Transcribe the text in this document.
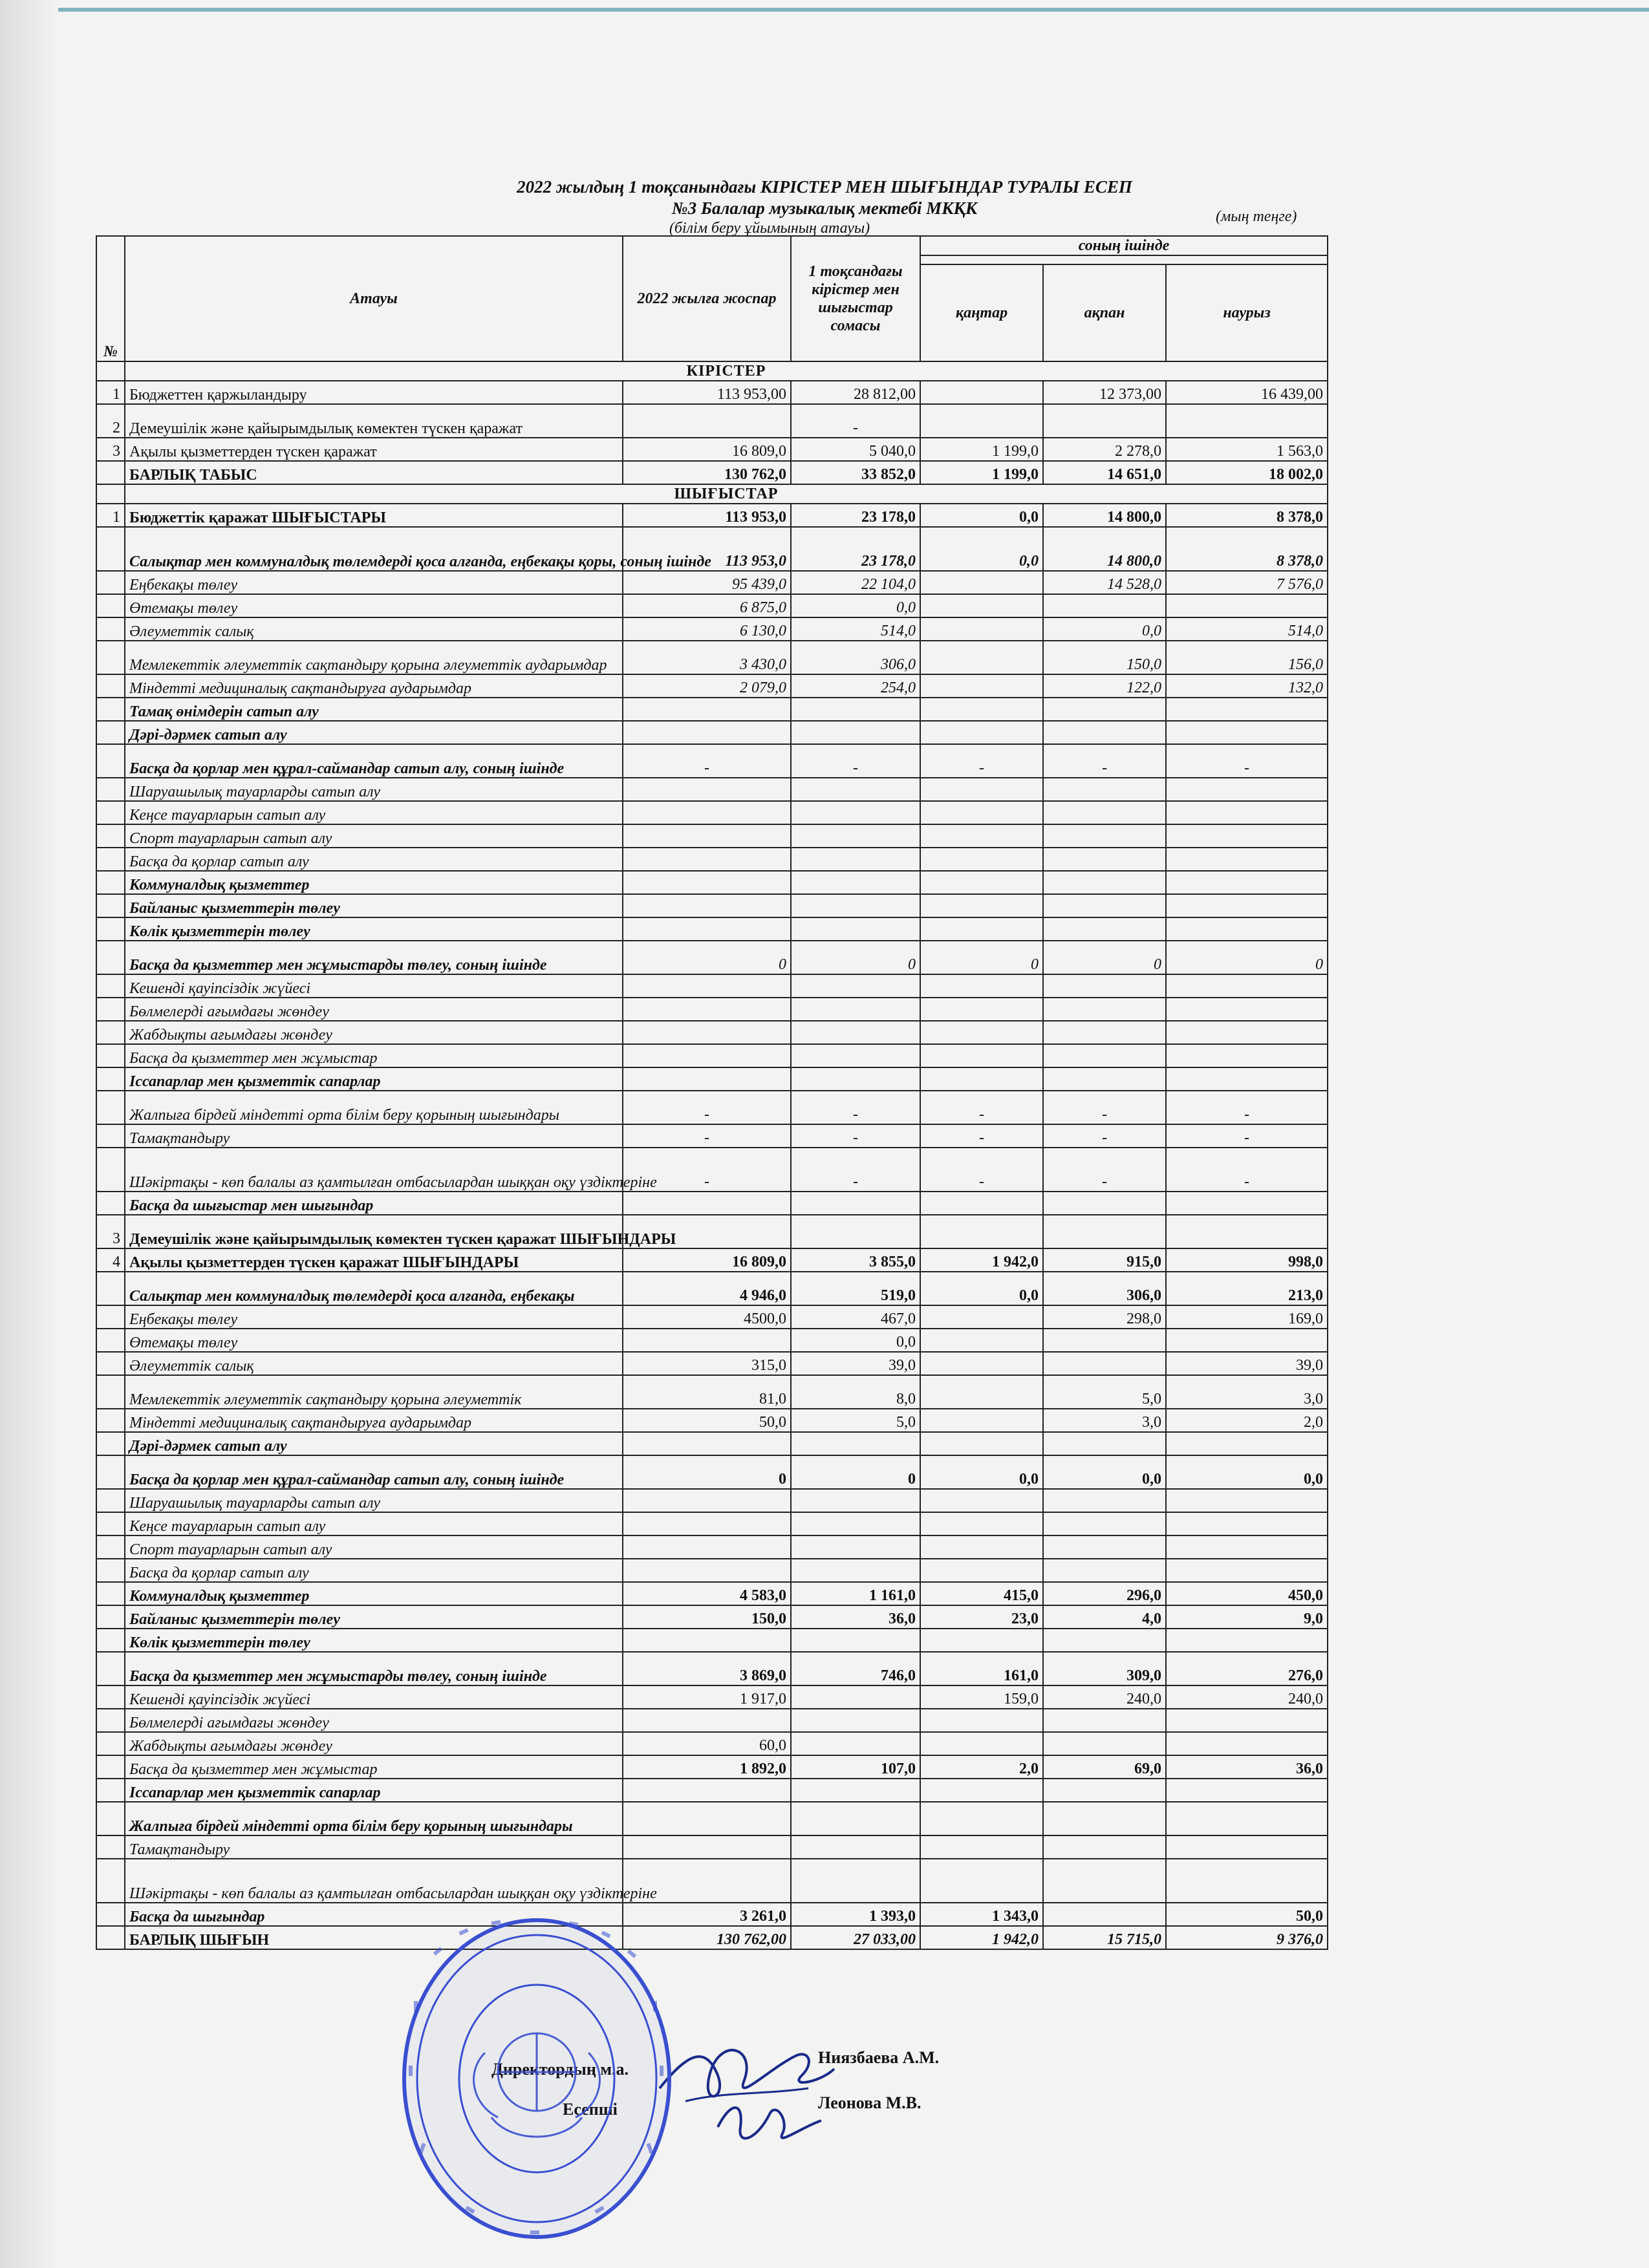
2022 жылдың 1 тоқсанындағы КІРІСТЕР МЕН ШЫҒЫНДАР ТУРАЛЫ ЕСЕП
№3 Балалар музыкалық мектебі МКҚК
(білім беру ұйымының атауы)
(мың теңге)
№	Атауы	2022 жылға жоспар	1 тоқсандағы кірістер мен шығыстар сомасы	соның ішінде		

				қаңтар	ақпан	наурыз
	КІРІСТЕР					
1	Бюджеттен қаржыландыру	113 953,00	28 812,00		12 373,00	16 439,00
2	Демеушілік және қайырымдылық көмектен түскен қаражат		-			
3	Ақылы қызметтерден түскен қаражат	16 809,0	5 040,0	1 199,0	2 278,0	1 563,0
	БАРЛЫҚ ТАБЫС	130 762,0	33 852,0	1 199,0	14 651,0	18 002,0
	ШЫҒЫСТАР					
1	Бюджеттік қаражат ШЫҒЫСТАРЫ	113 953,0	23 178,0	0,0	14 800,0	8 378,0
	Салықтар мен коммуналдық төлемдерді қоса алғанда, еңбекақы қоры, соның ішінде	113 953,0	23 178,0	0,0	14 800,0	8 378,0
	Еңбекақы төлеу	95 439,0	22 104,0		14 528,0	7 576,0
	Өтемақы төлеу	6 875,0	0,0			
	Әлеуметтік салық	6 130,0	514,0		0,0	514,0
	Мемлекеттік әлеуметтік сақтандыру қорына әлеуметтік аударымдар	3 430,0	306,0		150,0	156,0
	Міндетті медициналық сақтандыруға аударымдар	2 079,0	254,0		122,0	132,0
	Тамақ өнімдерін сатып алу					
	Дәрі-дәрмек сатып алу					
	Басқа да қорлар мен құрал-саймандар сатып алу, соның ішінде	-	-	-	-	-
	Шаруашылық тауарларды сатып алу					
	Кеңсе тауарларын сатып алу					
	Спорт тауарларын сатып алу					
	Басқа да қорлар сатып алу					
	Коммуналдық қызметтер					
	Байланыс қызметтерін төлеу					
	Көлік қызметтерін төлеу					
	Басқа да қызметтер мен жұмыстарды төлеу, соның ішінде	0	0	0	0	0
	Кешенді қауіпсіздік жүйесі					
	Бөлмелерді ағымдағы жөндеу					
	Жабдықты ағымдағы жөндеу					
	Басқа да қызметтер мен жұмыстар					
	Іссапарлар мен қызметтік сапарлар					
	Жалпыға бірдей міндетті орта білім беру қорының шығындары	-	-	-	-	-
	Тамақтандыру	-	-	-	-	-
	Шәкіртақы - көп балалы аз қамтылған отбасылардан шыққан оқу үздіктеріне	-	-	-	-	-
	Басқа да шығыстар мен шығындар					
3	Демеушілік және қайырымдылық көмектен түскен қаражат ШЫҒЫНДАРЫ					
4	Ақылы қызметтерден түскен қаражат ШЫҒЫНДАРЫ	16 809,0	3 855,0	1 942,0	915,0	998,0
	Салықтар мен коммуналдық төлемдерді қоса алғанда, еңбекақы	4 946,0	519,0	0,0	306,0	213,0
	Еңбекақы төлеу	4500,0	467,0		298,0	169,0
	Өтемақы төлеу		0,0			
	Әлеуметтік салық	315,0	39,0			39,0
	Мемлекеттік әлеуметтік сақтандыру қорына әлеуметтік	81,0	8,0		5,0	3,0
	Міндетті медициналық сақтандыруға аударымдар	50,0	5,0		3,0	2,0
	Дәрі-дәрмек сатып алу					
	Басқа да қорлар мен құрал-саймандар сатып алу, соның ішінде	0	0	0,0	0,0	0,0
	Шаруашылық тауарларды сатып алу					
	Кеңсе тауарларын сатып алу					
	Спорт тауарларын сатып алу					
	Басқа да қорлар сатып алу					
	Коммуналдық қызметтер	4 583,0	1 161,0	415,0	296,0	450,0
	Байланыс қызметтерін төлеу	150,0	36,0	23,0	4,0	9,0
	Көлік қызметтерін төлеу					
	Басқа да қызметтер мен жұмыстарды төлеу, соның ішінде	3 869,0	746,0	161,0	309,0	276,0
	Кешенді қауіпсіздік жүйесі	1 917,0		159,0	240,0	240,0
	Бөлмелерді ағымдағы жөндеу					
	Жабдықты ағымдағы жөндеу	60,0				
	Басқа да қызметтер мен жұмыстар	1 892,0	107,0	2,0	69,0	36,0
	Іссапарлар мен қызметтік сапарлар					
	Жалпыға бірдей міндетті орта білім беру қорының шығындары					
	Тамақтандыру					
	Шәкіртақы - көп балалы аз қамтылған отбасылардан шыққан оқу үздіктеріне					
	Басқа да шығындар	3 261,0	1 393,0	1 343,0		50,0
	БАРЛЫҚ ШЫҒЫН	130 762,00	27 033,00	1 942,0	15 715,0	9 376,0
Ниязбаева А.М.
Леонова М.В.
